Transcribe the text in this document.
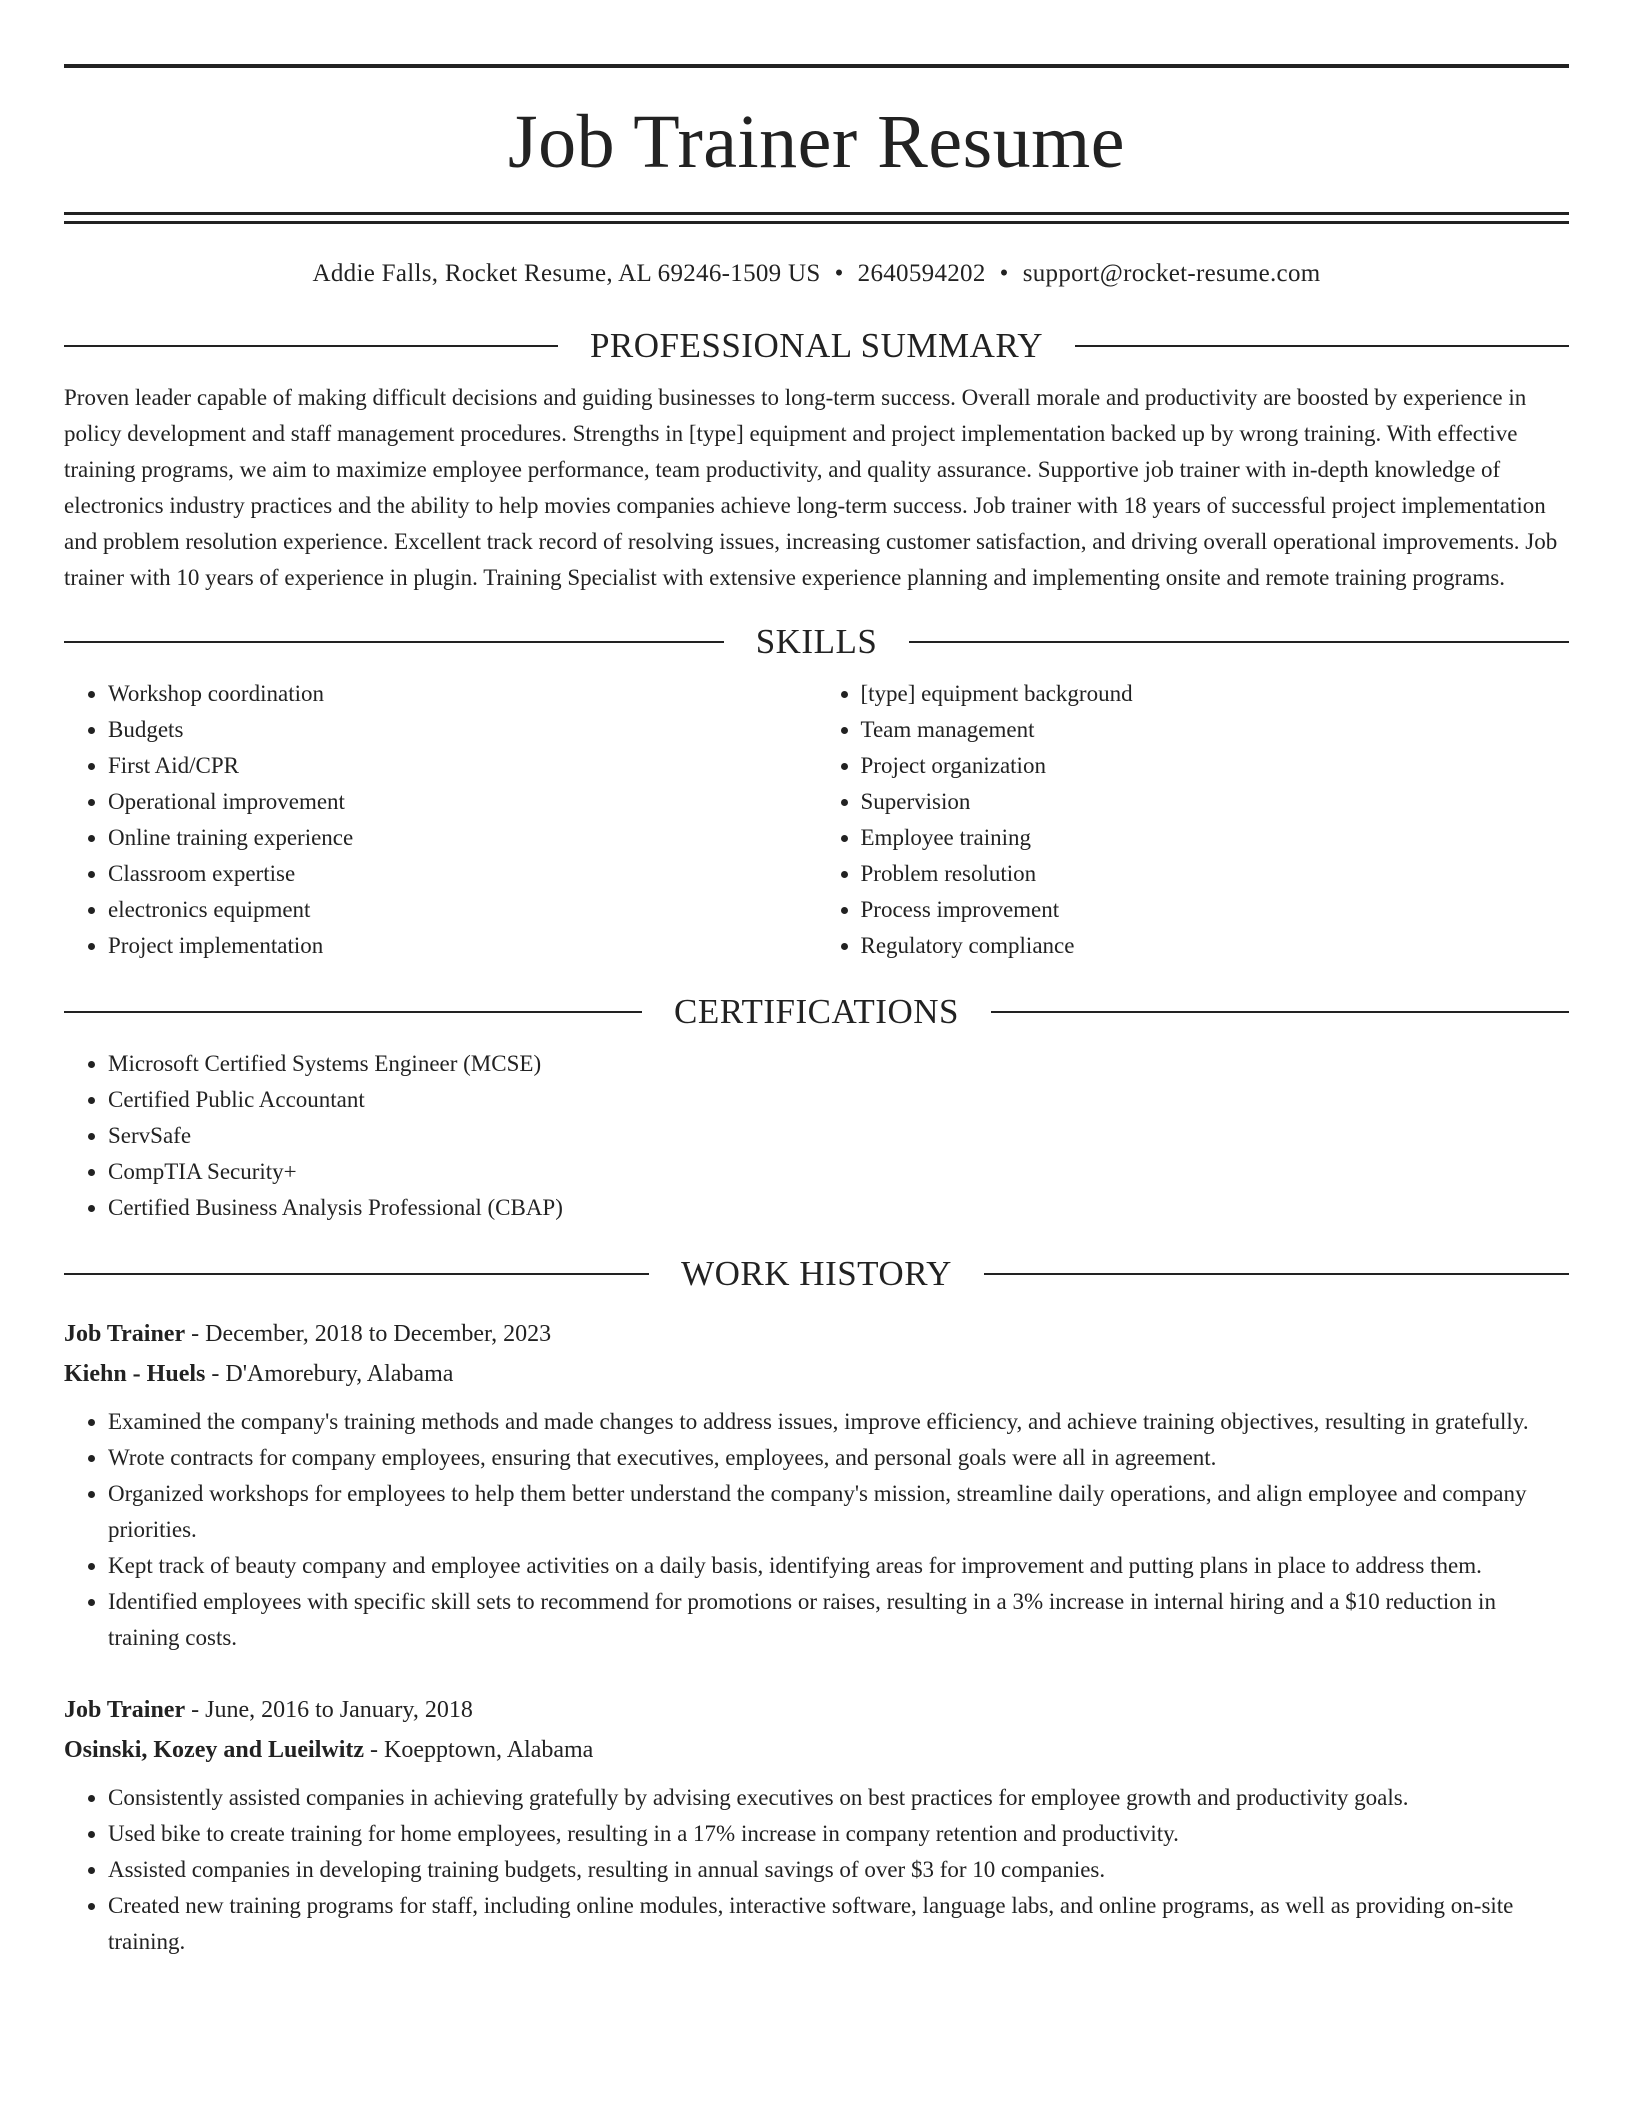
Job Trainer Resume
Addie Falls, Rocket Resume, AL 69246-1509 US • 2640594202 • support@rocket-resume.com
PROFESSIONAL SUMMARY

Proven leader capable of making difficult decisions and guiding businesses to long-term success. Overall morale and productivity are boosted by experience in policy development and staff management procedures. Strengths in [type] equipment and project implementation backed up by wrong training. With effective training programs, we aim to maximize employee performance, team productivity, and quality assurance. Supportive job trainer with in-depth knowledge of electronics industry practices and the ability to help movies companies achieve long-term success. Job trainer with 18 years of successful project implementation and problem resolution experience. Excellent track record of resolving issues, increasing customer satisfaction, and driving overall operational improvements. Job trainer with 10 years of experience in plugin. Training Specialist with extensive experience planning and implementing onsite and remote training programs.

SKILLS
• Workshop coordination
• Budgets
• First Aid/CPR
• Operational improvement
• Online training experience
• Classroom expertise
• electronics equipment
• Project implementation
• [type] equipment background
• Team management
• Project organization
• Supervision
• Employee training
• Problem resolution
• Process improvement
• Regulatory compliance
CERTIFICATIONS
• Microsoft Certified Systems Engineer (MCSE)
• Certified Public Accountant
• ServSafe
• CompTIA Security+
• Certified Business Analysis Professional (CBAP)
WORK HISTORY
Job Trainer - December, 2018 to December, 2023
Kiehn - Huels - D'Amorebury, Alabama
• Examined the company's training methods and made changes to address issues, improve efficiency, and achieve training objectives, resulting in gratefully.
• Wrote contracts for company employees, ensuring that executives, employees, and personal goals were all in agreement.
• Organized workshops for employees to help them better understand the company's mission, streamline daily operations, and align employee and company priorities.
• Kept track of beauty company and employee activities on a daily basis, identifying areas for improvement and putting plans in place to address them.
• Identified employees with specific skill sets to recommend for promotions or raises, resulting in a 3% increase in internal hiring and a $10 reduction in training costs.
Job Trainer - June, 2016 to January, 2018
Osinski, Kozey and Lueilwitz - Koepptown, Alabama
• Consistently assisted companies in achieving gratefully by advising executives on best practices for employee growth and productivity goals.
• Used bike to create training for home employees, resulting in a 17% increase in company retention and productivity.
• Assisted companies in developing training budgets, resulting in annual savings of over $3 for 10 companies.
• Created new training programs for staff, including online modules, interactive software, language labs, and online programs, as well as providing on-site training.
